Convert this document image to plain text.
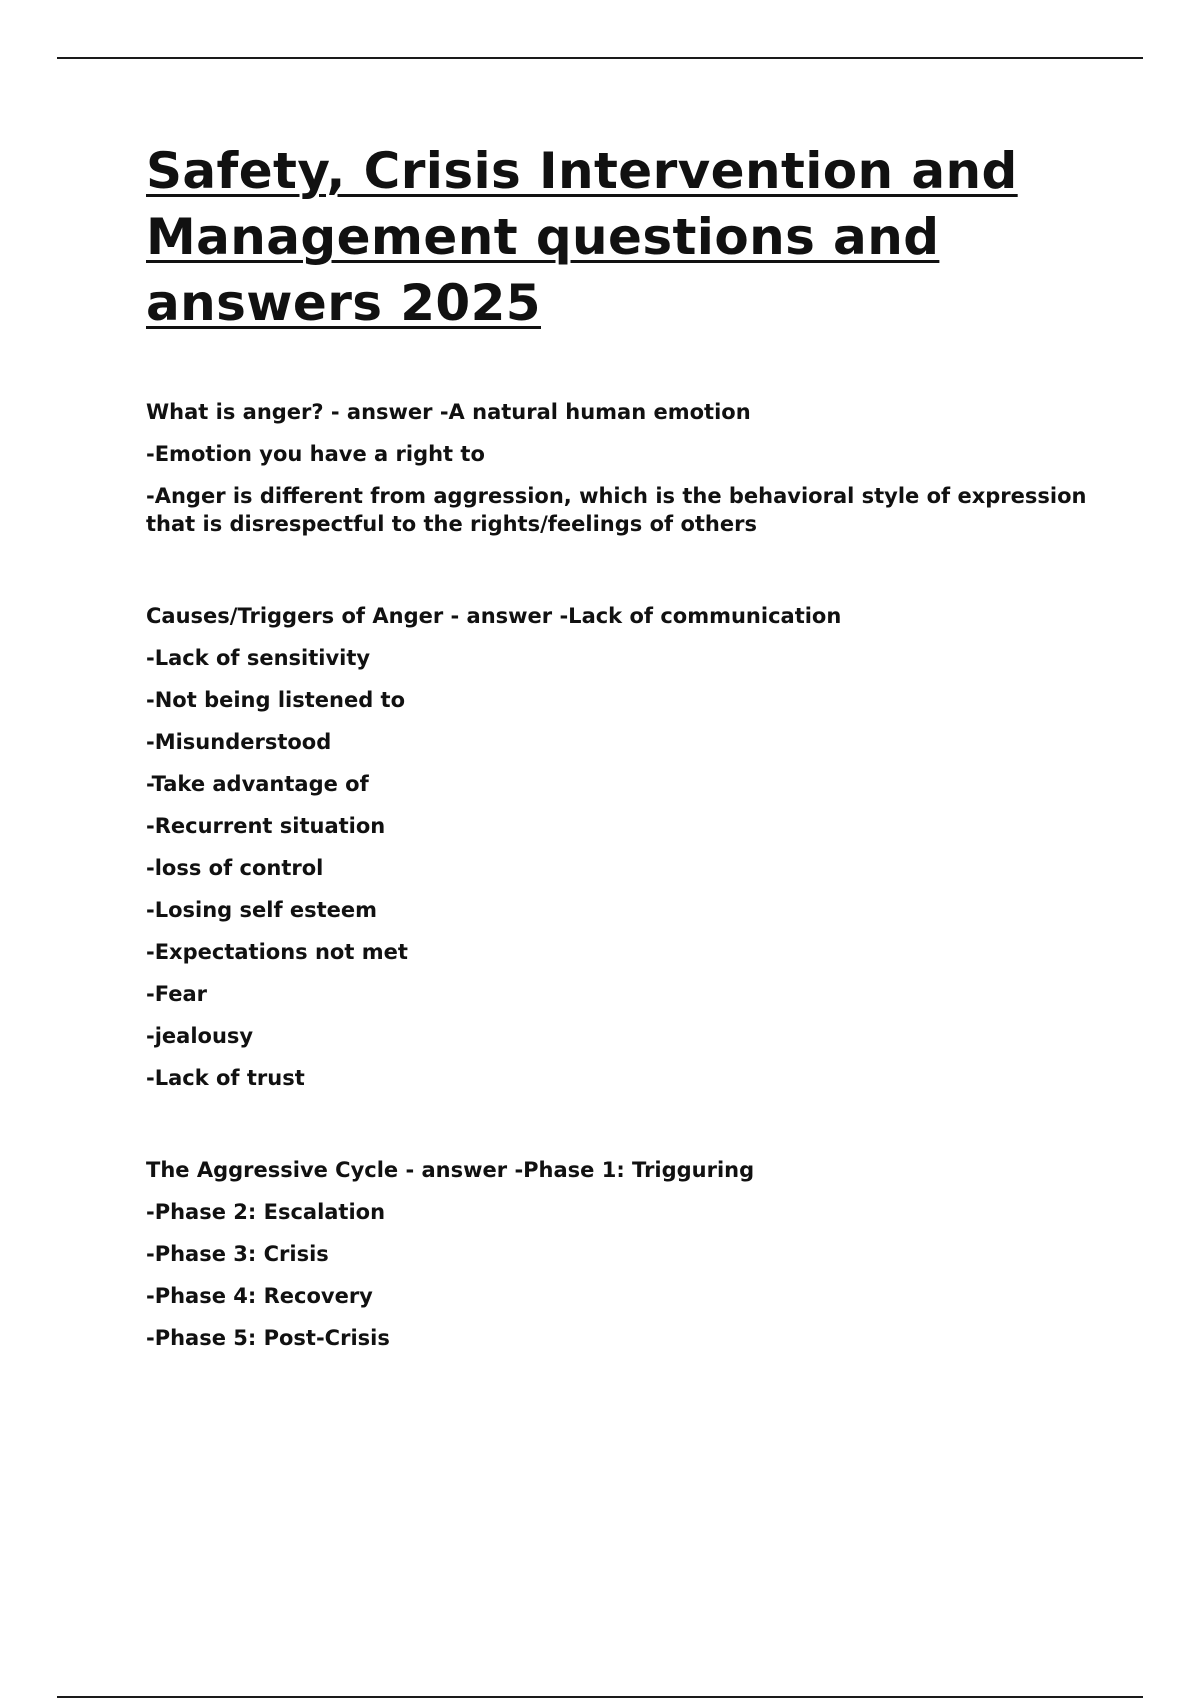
Safety, Crisis Intervention and
Management questions and
answers 2025

What is anger? - answer -A natural human emotion

-Emotion you have a right to

-Anger is different from aggression, which is the behavioral style of expression that is disrespectful to the rights/feelings of others

Causes/Triggers of Anger - answer -Lack of communication

-Lack of sensitivity

-Not being listened to

-Misunderstood

-Take advantage of

-Recurrent situation

-loss of control

-Losing self esteem

-Expectations not met

-Fear

-jealousy

-Lack of trust

The Aggressive Cycle - answer -Phase 1: Trigguring

-Phase 2: Escalation

-Phase 3: Crisis

-Phase 4: Recovery

-Phase 5: Post-Crisis
